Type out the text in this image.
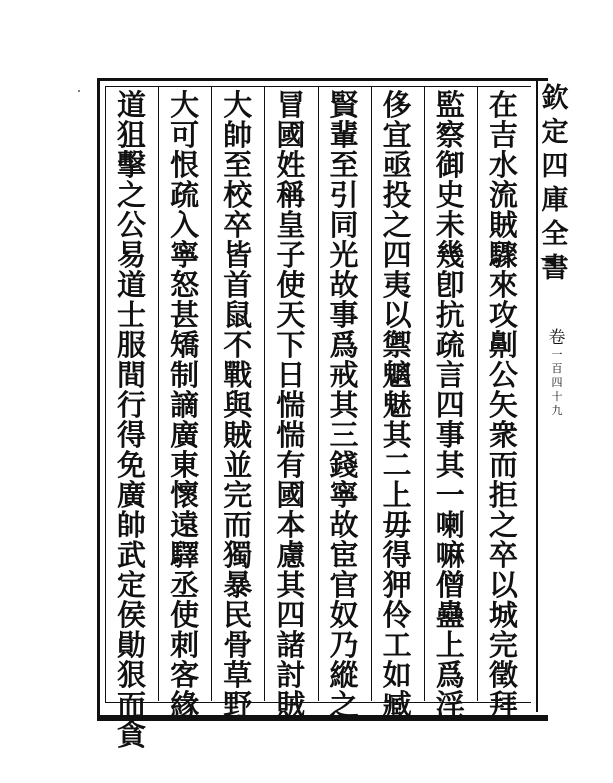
欽
定
四
庫
全
書
卷
一
百
四
十
九
在
吉
水
流
賊
驟
來
攻
劓
公
矢
衆
而
拒
之
卒
以
城
完
徵
拜
監
察
御
史
未
幾
卽
抗
疏
言
四
事
其
一
喇
嘛
僧
蠱
上
爲
淫
侈
宜
亟
投
之
四
夷
以
禦
魑
魅
其
二
上
毋
得
狎
伶
工
如
臧
賢
輩
至
引
同
光
故
事
爲
戒
其
三
錢
寧
故
宦
官
奴
乃
縱
之
冒
國
姓
稱
皇
子
使
天
下
日
惴
惴
有
國
本
慮
其
四
諸
討
賊
大
帥
至
校
卒
皆
首
鼠
不
戰
與
賊
並
完
而
獨
暴
民
骨
草
野
大
可
恨
疏
入
寧
怒
甚
矯
制
謫
廣
東
懷
遠
驛
丞
使
刺
客
緣
道
狙
擊
之
公
易
道
士
服
間
行
得
免
廣
帥
武
定
侯
勛
狠
而
貪
